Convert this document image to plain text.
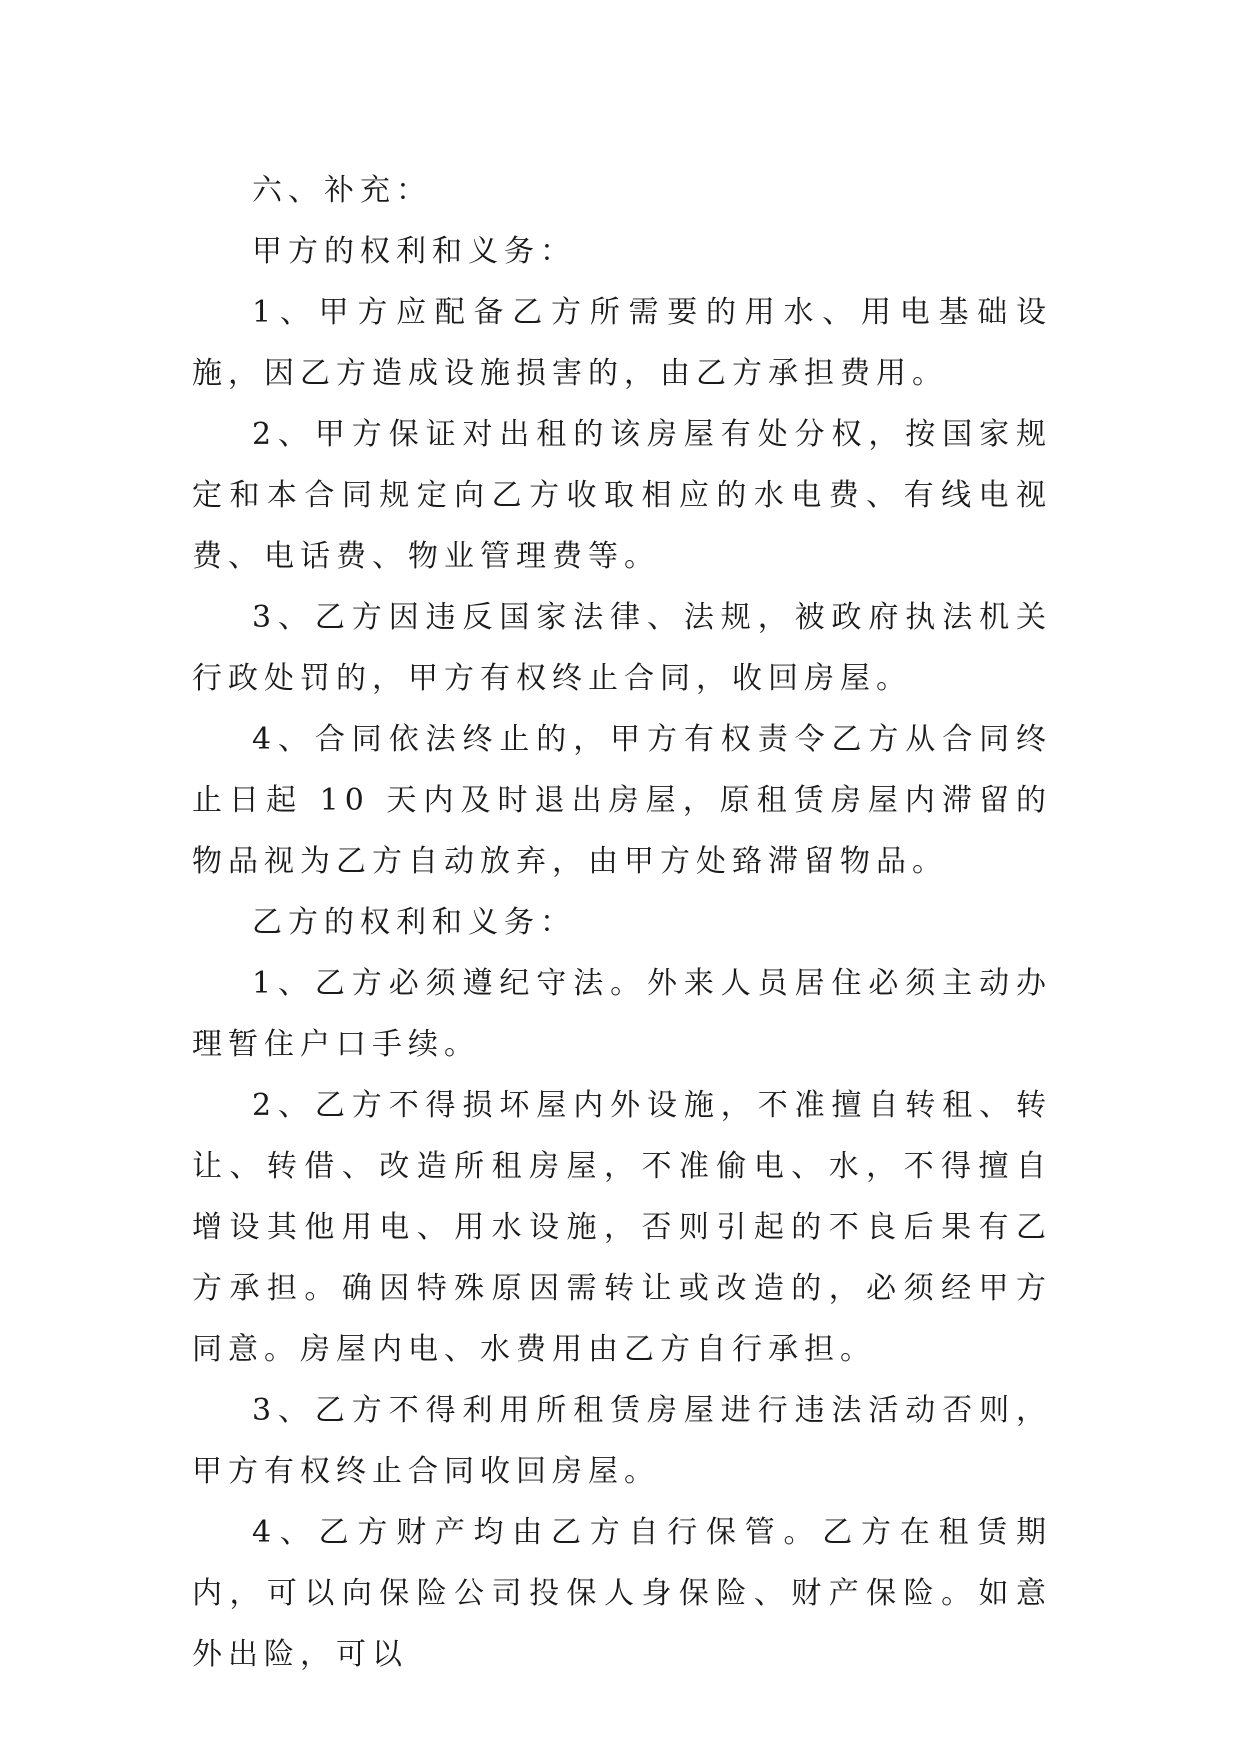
六、补充：

甲方的权利和义务：

1、甲方应配备乙方所需要的用水、用电基础设施，因乙方造成设施损害的，由乙方承担费用。

2、甲方保证对出租的该房屋有处分权，按国家规定和本合同规定向乙方收取相应的水电费、有线电视费、电话费、物业管理费等。

3、乙方因违反国家法律、法规，被政府执法机关行政处罚的，甲方有权终止合同，收回房屋。

4、合同依法终止的，甲方有权责令乙方从合同终止日起 10 天内及时退出房屋，原租赁房屋内滞留的物品视为乙方自动放弃，由甲方处臵滞留物品。

乙方的权利和义务：

1、乙方必须遵纪守法。外来人员居住必须主动办理暂住户口手续。

2、乙方不得损坏屋内外设施，不准擅自转租、转让、转借、改造所租房屋，不准偷电、水，不得擅自增设其他用电、用水设施，否则引起的不良后果有乙方承担。确因特殊原因需转让或改造的，必须经甲方同意。房屋内电、水费用由乙方自行承担。

3、乙方不得利用所租赁房屋进行违法活动否则，甲方有权终止合同收回房屋。

4、乙方财产均由乙方自行保管。乙方在租赁期内，可以向保险公司投保人身保险、财产保险。如意外出险，可以
